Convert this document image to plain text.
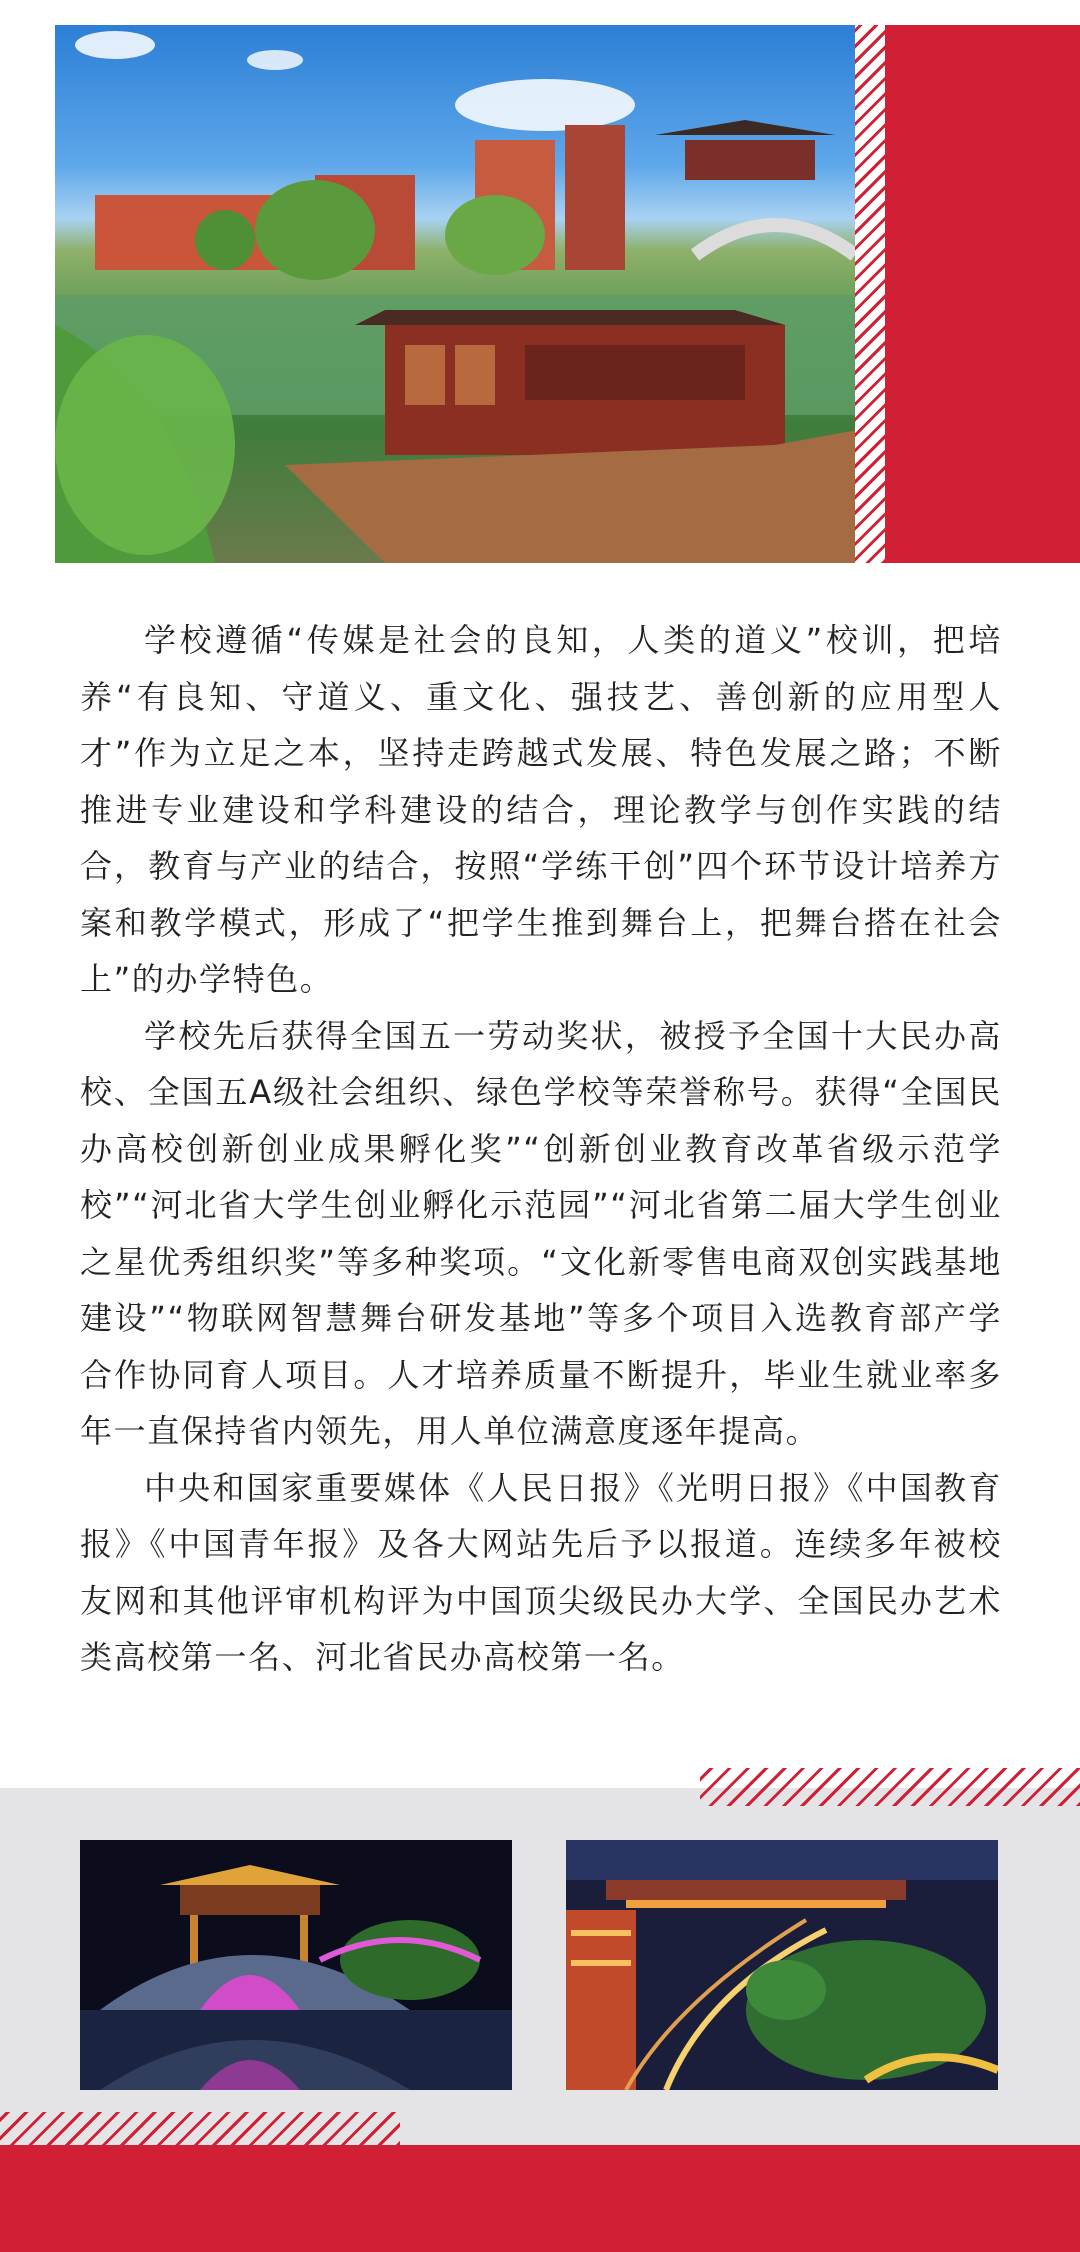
学校遵循“传媒是社会的良知，人类的道义”校训，把培养“有良知、守道义、重文化、强技艺、善创新的应用型人才”作为立足之本，坚持走跨越式发展、特色发展之路；不断推进专业建设和学科建设的结合，理论教学与创作实践的结合，教育与产业的结合，按照“学练干创”四个环节设计培养方案和教学模式，形成了“把学生推到舞台上，把舞台搭在社会上”的办学特色。

学校先后获得全国五一劳动奖状，被授予全国十大民办高校、全国五A级社会组织、绿色学校等荣誉称号。获得“全国民办高校创新创业成果孵化奖”“创新创业教育改革省级示范学校”“河北省大学生创业孵化示范园”“河北省第二届大学生创业之星优秀组织奖”等多种奖项。“文化新零售电商双创实践基地建设”“物联网智慧舞台研发基地”等多个项目入选教育部产学合作协同育人项目。人才培养质量不断提升，毕业生就业率多年一直保持省内领先，用人单位满意度逐年提高。

中央和国家重要媒体《人民日报》《光明日报》《中国教育报》《中国青年报》及各大网站先后予以报道。连续多年被校友网和其他评审机构评为中国顶尖级民办大学、全国民办艺术类高校第一名、河北省民办高校第一名。
